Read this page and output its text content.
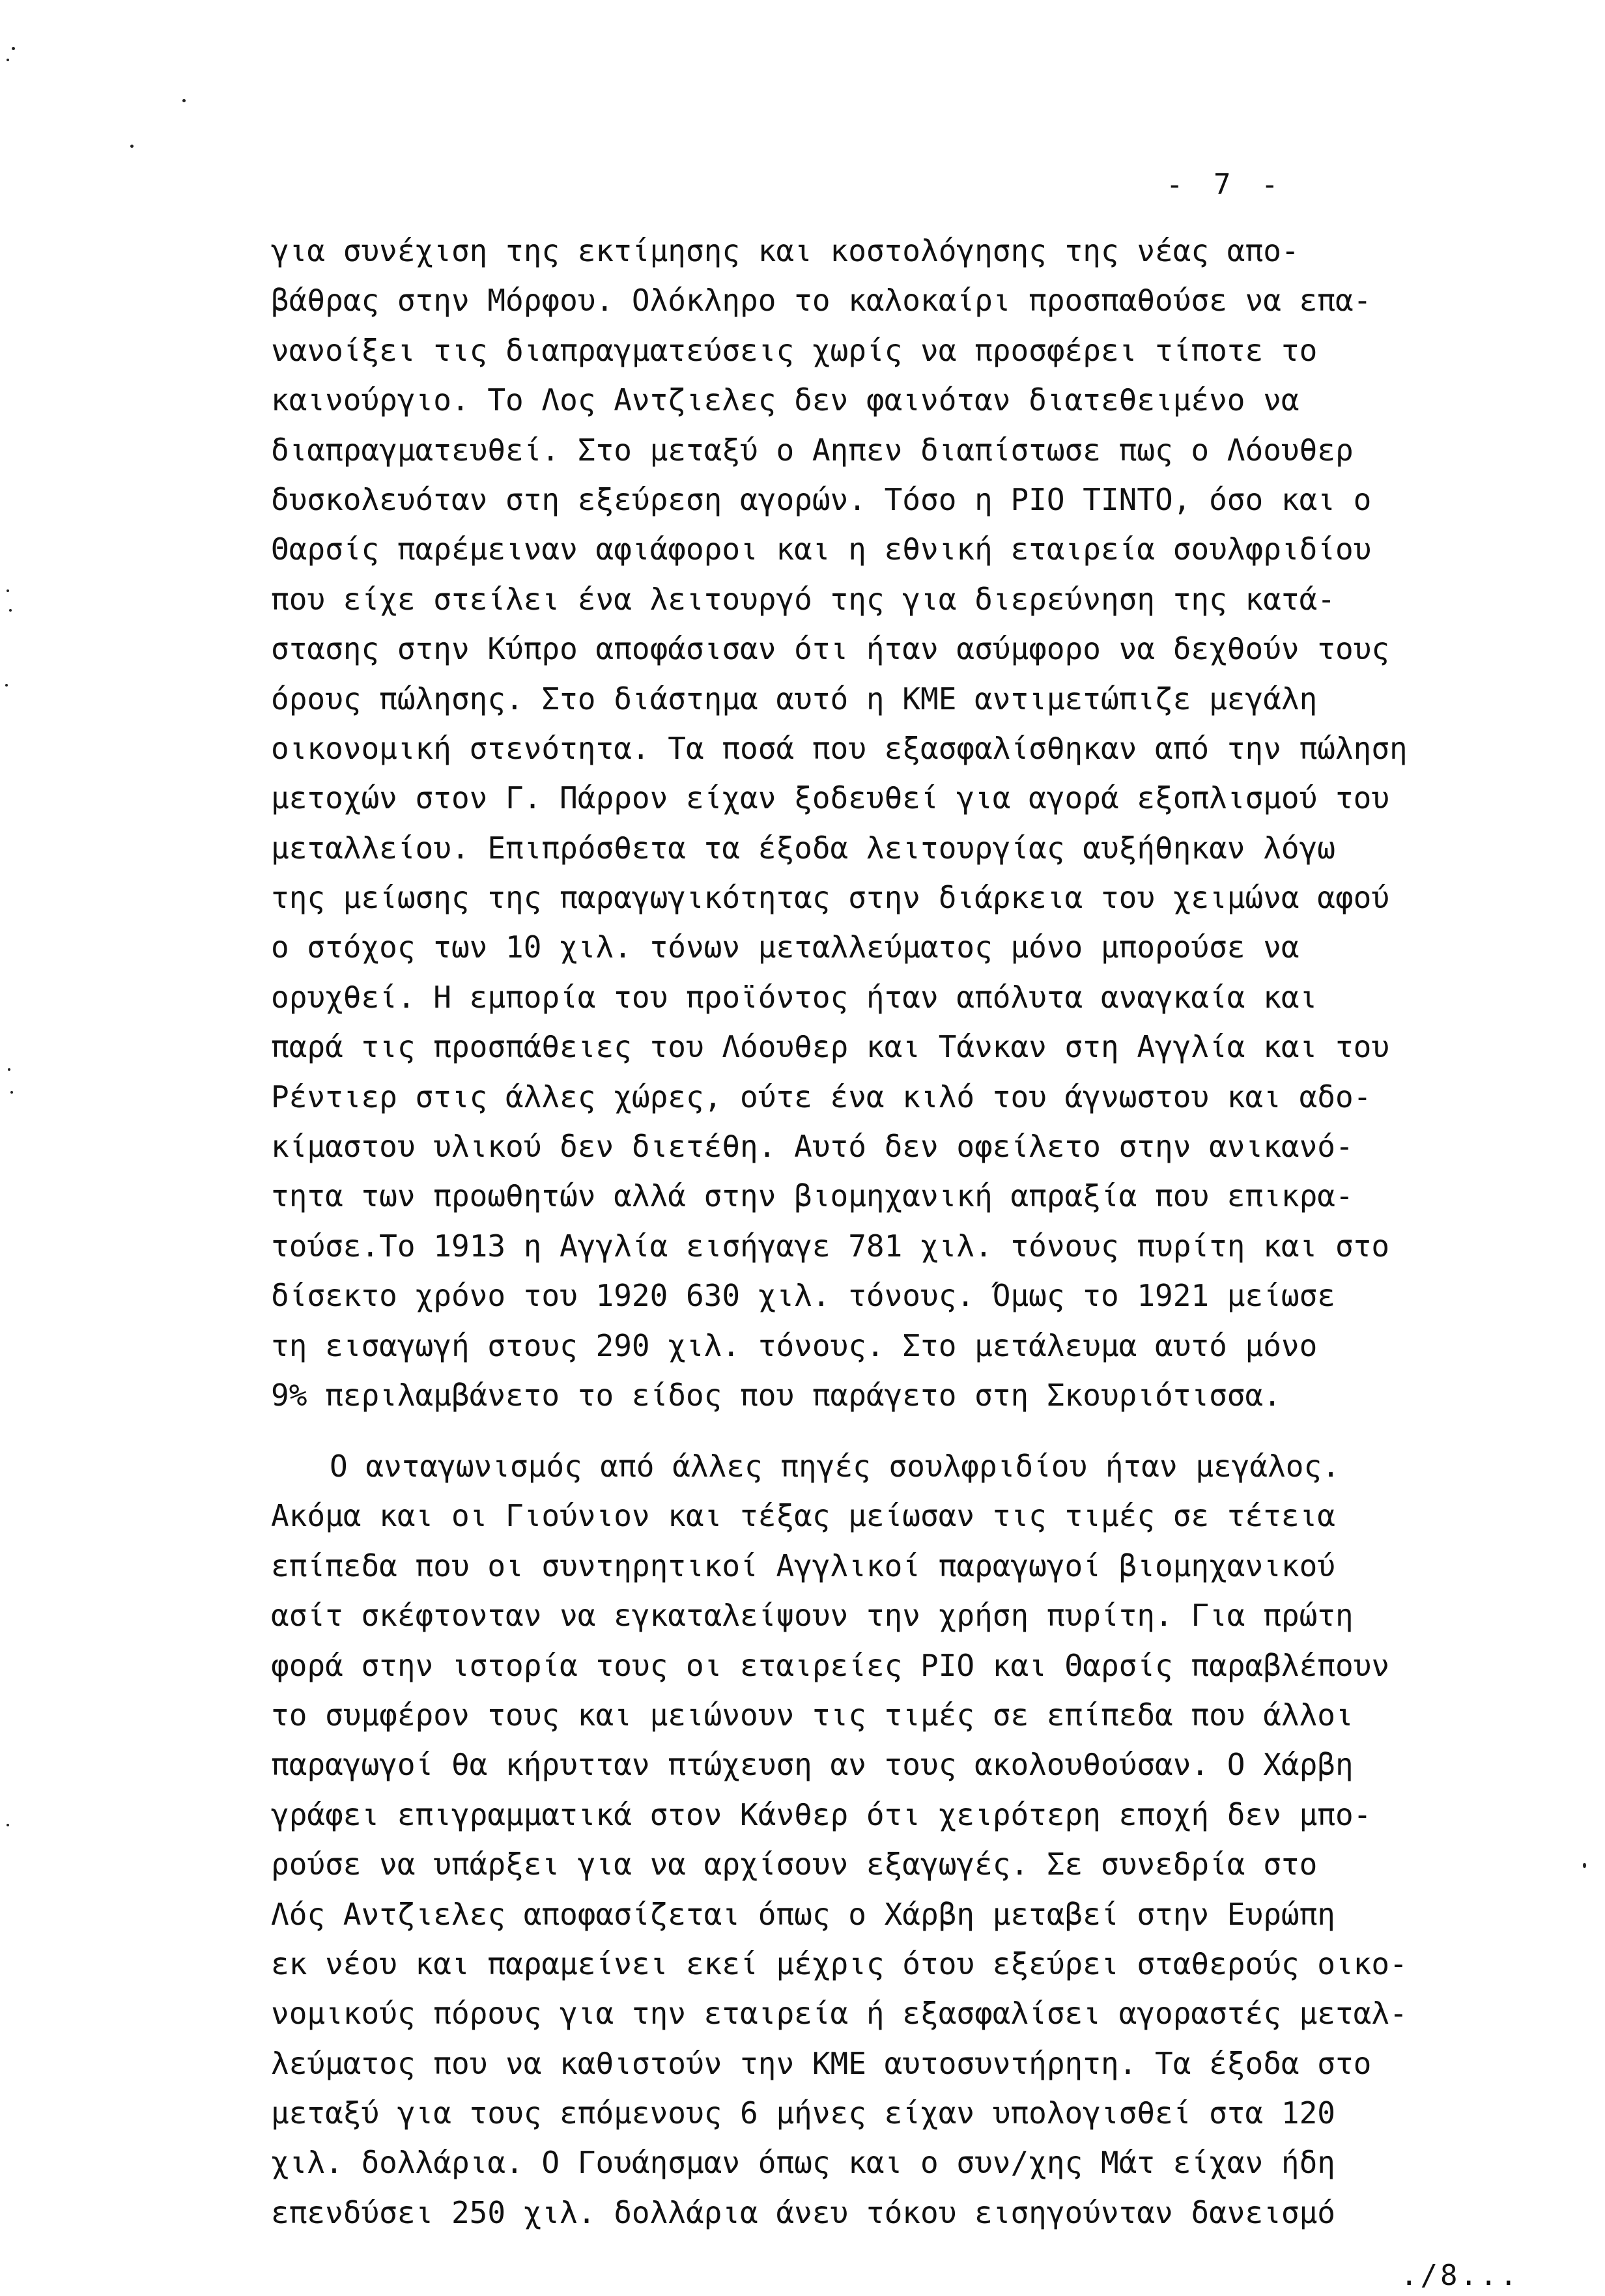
- 7 -
για συνέχιση της εκτίμησης και κοστολόγησης της νέας απο-
βάθρας στην Μόρφου. Ολόκληρο το καλοκαίρι προσπαθούσε να επα-
νανοίξει τις διαπραγματεύσεις χωρίς να προσφέρει τίποτε το
καινούργιο. Το Λος Αντζιελες δεν φαινόταν διατεθειμένο να
διαπραγματευθεί. Στο μεταξύ ο Αηπεν διαπίστωσε πως ο Λόουθερ
δυσκολευόταν στη εξεύρεση αγορών. Τόσο η ΡΙΟ ΤΙΝΤΟ, όσο και ο
Θαρσίς παρέμειναν αφιάφοροι και η εθνική εταιρεία σουλφριδίου
που είχε στείλει ένα λειτουργό της για διερεύνηση της κατά-
στασης στην Κύπρο αποφάσισαν ότι ήταν ασύμφορο να δεχθούν τους
όρους πώλησης. Στο διάστημα αυτό η ΚΜΕ αντιμετώπιζε μεγάλη
οικονομική στενότητα. Τα ποσά που εξασφαλίσθηκαν από την πώληση
μετοχών στον Γ. Πάρρον είχαν ξοδευθεί για αγορά εξοπλισμού του
μεταλλείου. Επιπρόσθετα τα έξοδα λειτουργίας αυξήθηκαν λόγω
της μείωσης της παραγωγικότητας στην διάρκεια του χειμώνα αφού
ο στόχος των 10 χιλ. τόνων μεταλλεύματος μόνο μπορούσε να
ορυχθεί. Η εμπορία του προϊόντος ήταν απόλυτα αναγκαία και
παρά τις προσπάθειες του Λόουθερ και Τάνκαν στη Αγγλία και του
Ρέντιερ στις άλλες χώρες, ούτε ένα κιλό του άγνωστου και αδο-
κίμαστου υλικού δεν διετέθη. Αυτό δεν οφείλετο στην ανικανό-
τητα των προωθητών αλλά στην βιομηχανική απραξία που επικρα-
τούσε.Το 1913 η Αγγλία εισήγαγε 781 χιλ. τόνους πυρίτη και στο
δίσεκτο χρόνο του 1920 630 χιλ. τόνους. Όμως το 1921 μείωσε
τη εισαγωγή στους 290 χιλ. τόνους. Στο μετάλευμα αυτό μόνο
9% περιλαμβάνετο το είδος που παράγετο στη Σκουριότισσα.
Ο ανταγωνισμός από άλλες πηγές σουλφριδίου ήταν μεγάλος.
Ακόμα και οι Γιούνιον και τέξας μείωσαν τις τιμές σε τέτεια
επίπεδα που οι συντηρητικοί Αγγλικοί παραγωγοί βιομηχανικού
ασίτ σκέφτονταν να εγκαταλείψουν την χρήση πυρίτη. Για πρώτη
φορά στην ιστορία τους οι εταιρείες ΡΙΟ και Θαρσίς παραβλέπουν
το συμφέρον τους και μειώνουν τις τιμές σε επίπεδα που άλλοι
παραγωγοί θα κήρυτταν πτώχευση αν τους ακολουθούσαν. Ο Χάρβη
γράφει επιγραμματικά στον Κάνθερ ότι χειρότερη εποχή δεν μπο-
ρούσε να υπάρξει για να αρχίσουν εξαγωγές. Σε συνεδρία στο
Λός Αντζιελες αποφασίζεται όπως ο Χάρβη μεταβεί στην Ευρώπη
εκ νέου και παραμείνει εκεί μέχρις ότου εξεύρει σταθερούς οικο-
νομικούς πόρους για την εταιρεία ή εξασφαλίσει αγοραστές μεταλ-
λεύματος που να καθιστούν την ΚΜΕ αυτοσυντήρητη. Τα έξοδα στο
μεταξύ για τους επόμενους 6 μήνες είχαν υπολογισθεί στα 120
χιλ. δολλάρια. Ο Γουάησμαν όπως και ο συν/χης Μάτ είχαν ήδη
επενδύσει 250 χιλ. δολλάρια άνευ τόκου εισηγούνταν δανεισμό
./8...
